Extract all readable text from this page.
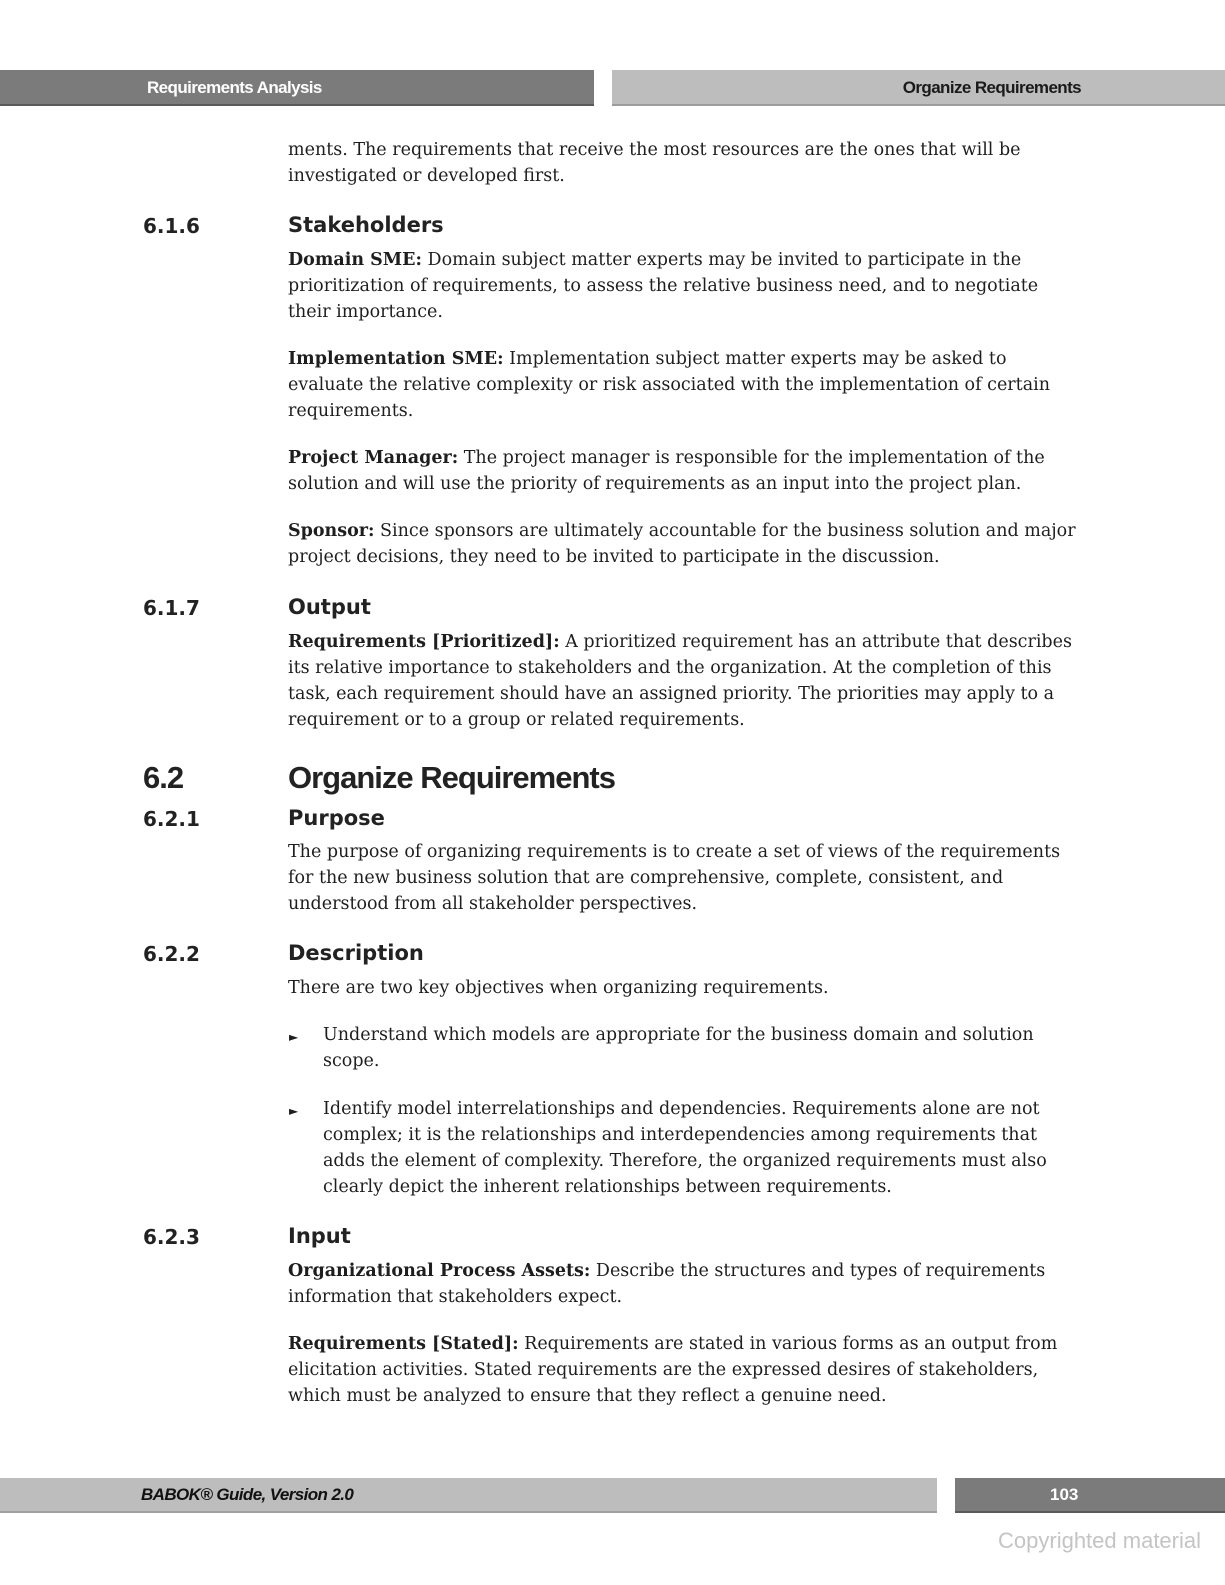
Requirements Analysis	Organize Requirements

ments. The requirements that receive the most resources are the ones that will be investigated or developed first.

6.1.6	Stakeholders

Domain SME: Domain subject matter experts may be invited to participate in the prioritization of requirements, to assess the relative business need, and to negotiate their importance.

Implementation SME: Implementation subject matter experts may be asked to evaluate the relative complexity or risk associated with the implementation of certain requirements.

Project Manager: The project manager is responsible for the implementation of the solution and will use the priority of requirements as an input into the project plan.

Sponsor: Since sponsors are ultimately accountable for the business solution and major project decisions, they need to be invited to participate in the discussion.

6.1.7	Output

Requirements [Prioritized]: A prioritized requirement has an attribute that describes its relative importance to stakeholders and the organization. At the completion of this task, each requirement should have an assigned priority. The priorities may apply to a requirement or to a group or related requirements.

6.2	Organize Requirements
6.2.1	Purpose

The purpose of organizing requirements is to create a set of views of the requirements for the new business solution that are comprehensive, complete, consistent, and understood from all stakeholder perspectives.

6.2.2	Description

There are two key objectives when organizing requirements.

► Understand which models are appropriate for the business domain and solution scope.

► Identify model interrelationships and dependencies. Requirements alone are not complex; it is the relationships and interdependencies among requirements that adds the element of complexity. Therefore, the organized requirements must also clearly depict the inherent relationships between requirements.

6.2.3	Input

Organizational Process Assets: Describe the structures and types of requirements information that stakeholders expect.

Requirements [Stated]: Requirements are stated in various forms as an output from elicitation activities. Stated requirements are the expressed desires of stakeholders, which must be analyzed to ensure that they reflect a genuine need.

BABOK® Guide, Version 2.0	103
Copyrighted material
